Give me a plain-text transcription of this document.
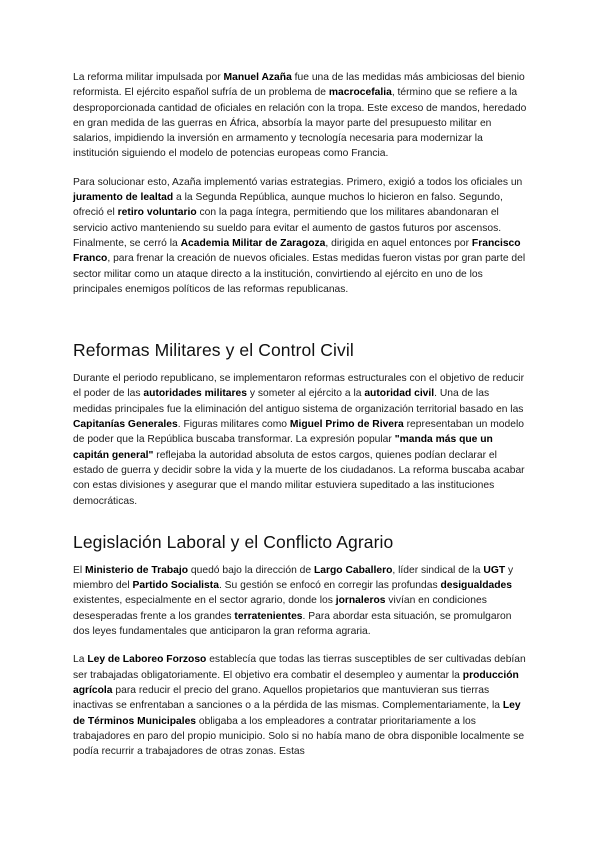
La reforma militar impulsada por Manuel Azaña fue una de las medidas más ambiciosas del bienio reformista. El ejército español sufría de un problema de macrocefalia, término que se refiere a la desproporcionada cantidad de oficiales en relación con la tropa. Este exceso de mandos, heredado en gran medida de las guerras en África, absorbía la mayor parte del presupuesto militar en salarios, impidiendo la inversión en armamento y tecnología necesaria para modernizar la institución siguiendo el modelo de potencias europeas como Francia.

Para solucionar esto, Azaña implementó varias estrategias. Primero, exigió a todos los oficiales un juramento de lealtad a la Segunda República, aunque muchos lo hicieron en falso. Segundo, ofreció el retiro voluntario con la paga íntegra, permitiendo que los militares abandonaran el servicio activo manteniendo su sueldo para evitar el aumento de gastos futuros por ascensos. Finalmente, se cerró la Academia Militar de Zaragoza, dirigida en aquel entonces por Francisco Franco, para frenar la creación de nuevos oficiales. Estas medidas fueron vistas por gran parte del sector militar como un ataque directo a la institución, convirtiendo al ejército en uno de los principales enemigos políticos de las reformas republicanas.

Reformas Militares y el Control Civil

Durante el periodo republicano, se implementaron reformas estructurales con el objetivo de reducir el poder de las autoridades militares y someter al ejército a la autoridad civil. Una de las medidas principales fue la eliminación del antiguo sistema de organización territorial basado en las Capitanías Generales. Figuras militares como Miguel Primo de Rivera representaban un modelo de poder que la República buscaba transformar. La expresión popular "manda más que un capitán general" reflejaba la autoridad absoluta de estos cargos, quienes podían declarar el estado de guerra y decidir sobre la vida y la muerte de los ciudadanos. La reforma buscaba acabar con estas divisiones y asegurar que el mando militar estuviera supeditado a las instituciones democráticas.

Legislación Laboral y el Conflicto Agrario

El Ministerio de Trabajo quedó bajo la dirección de Largo Caballero, líder sindical de la UGT y miembro del Partido Socialista. Su gestión se enfocó en corregir las profundas desigualdades existentes, especialmente en el sector agrario, donde los jornaleros vivían en condiciones desesperadas frente a los grandes terratenientes. Para abordar esta situación, se promulgaron dos leyes fundamentales que anticiparon la gran reforma agraria.

La Ley de Laboreo Forzoso establecía que todas las tierras susceptibles de ser cultivadas debían ser trabajadas obligatoriamente. El objetivo era combatir el desempleo y aumentar la producción agrícola para reducir el precio del grano. Aquellos propietarios que mantuvieran sus tierras inactivas se enfrentaban a sanciones o a la pérdida de las mismas. Complementariamente, la Ley de Términos Municipales obligaba a los empleadores a contratar prioritariamente a los trabajadores en paro del propio municipio. Solo si no había mano de obra disponible localmente se podía recurrir a trabajadores de otras zonas. Estas
